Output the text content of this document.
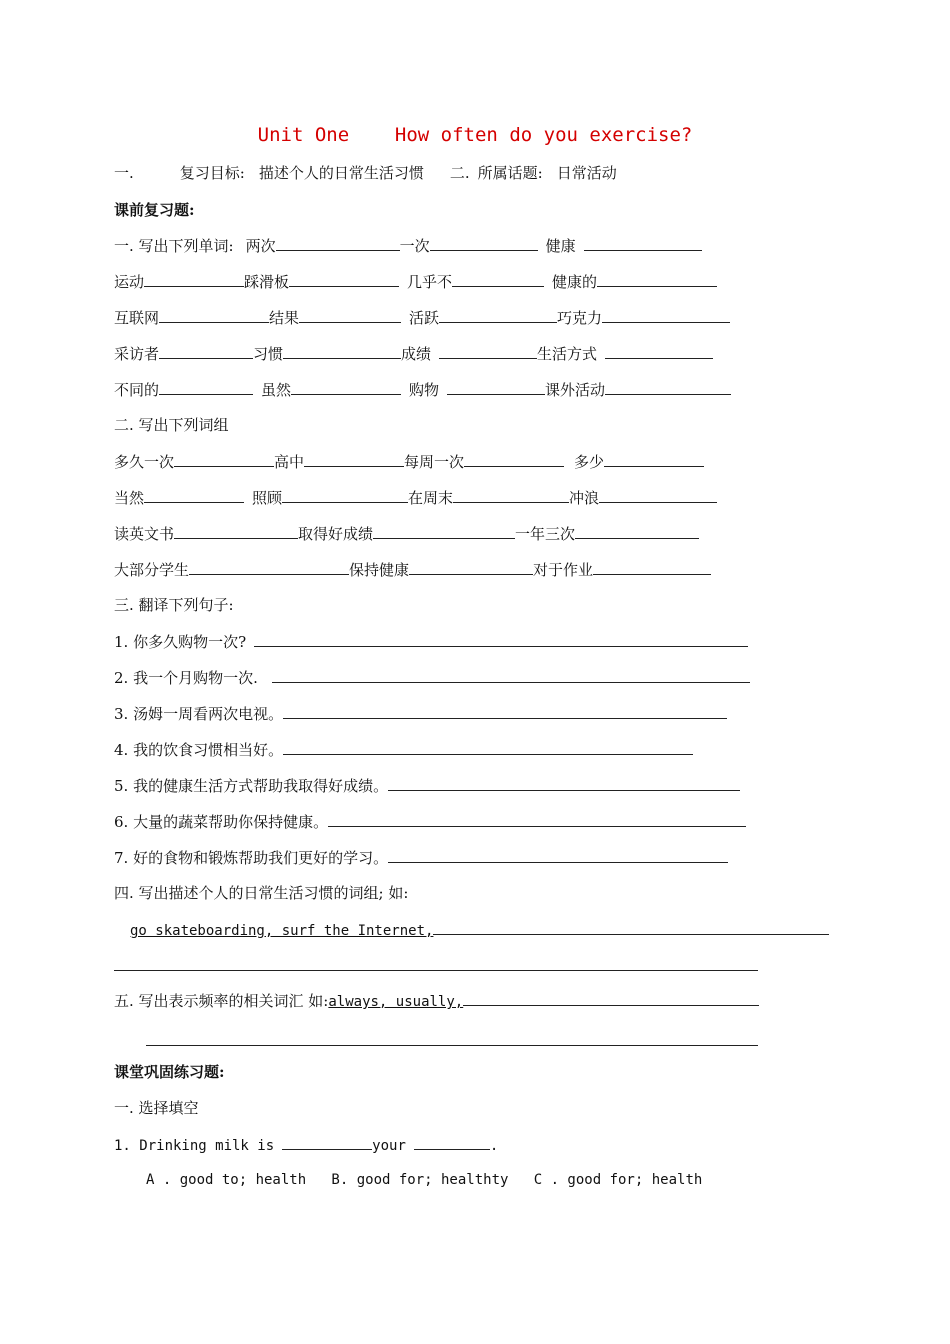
Unit One    How often do you exercise?
一.	复习目标: 描述个人的日常生活习惯 二. 所属话题: 日常活动
课前复习题:
一. 写出下列单词: 两次	一次	健康
运动	踩滑板	几乎不	健康的
互联网	结果	活跃	巧克力
采访者	习惯	成绩	生活方式
不同的	虽然	购物	课外活动
二. 写出下列词组
多久一次	高中	每周一次	多少
当然	照顾	在周末	冲浪
读英文书	取得好成绩	一年三次
大部分学生	保持健康	对于作业
三. 翻译下列句子:
1. 你多久购物一次?
2. 我一个月购物一次.
3. 汤姆一周看两次电视。
4. 我的饮食习惯相当好。
5. 我的健康生活方式帮助我取得好成绩。
6. 大量的蔬菜帮助你保持健康。
7. 好的食物和锻炼帮助我们更好的学习。
四. 写出描述个人的日常生活习惯的词组; 如:
go skateboarding, surf the Internet,
五. 写出表示频率的相关词汇 如:always, usually,
课堂巩固练习题:
一. 选择填空
1. Drinking milk is	your	.
A . good to; health   B. good for; healthty   C . good for; health
